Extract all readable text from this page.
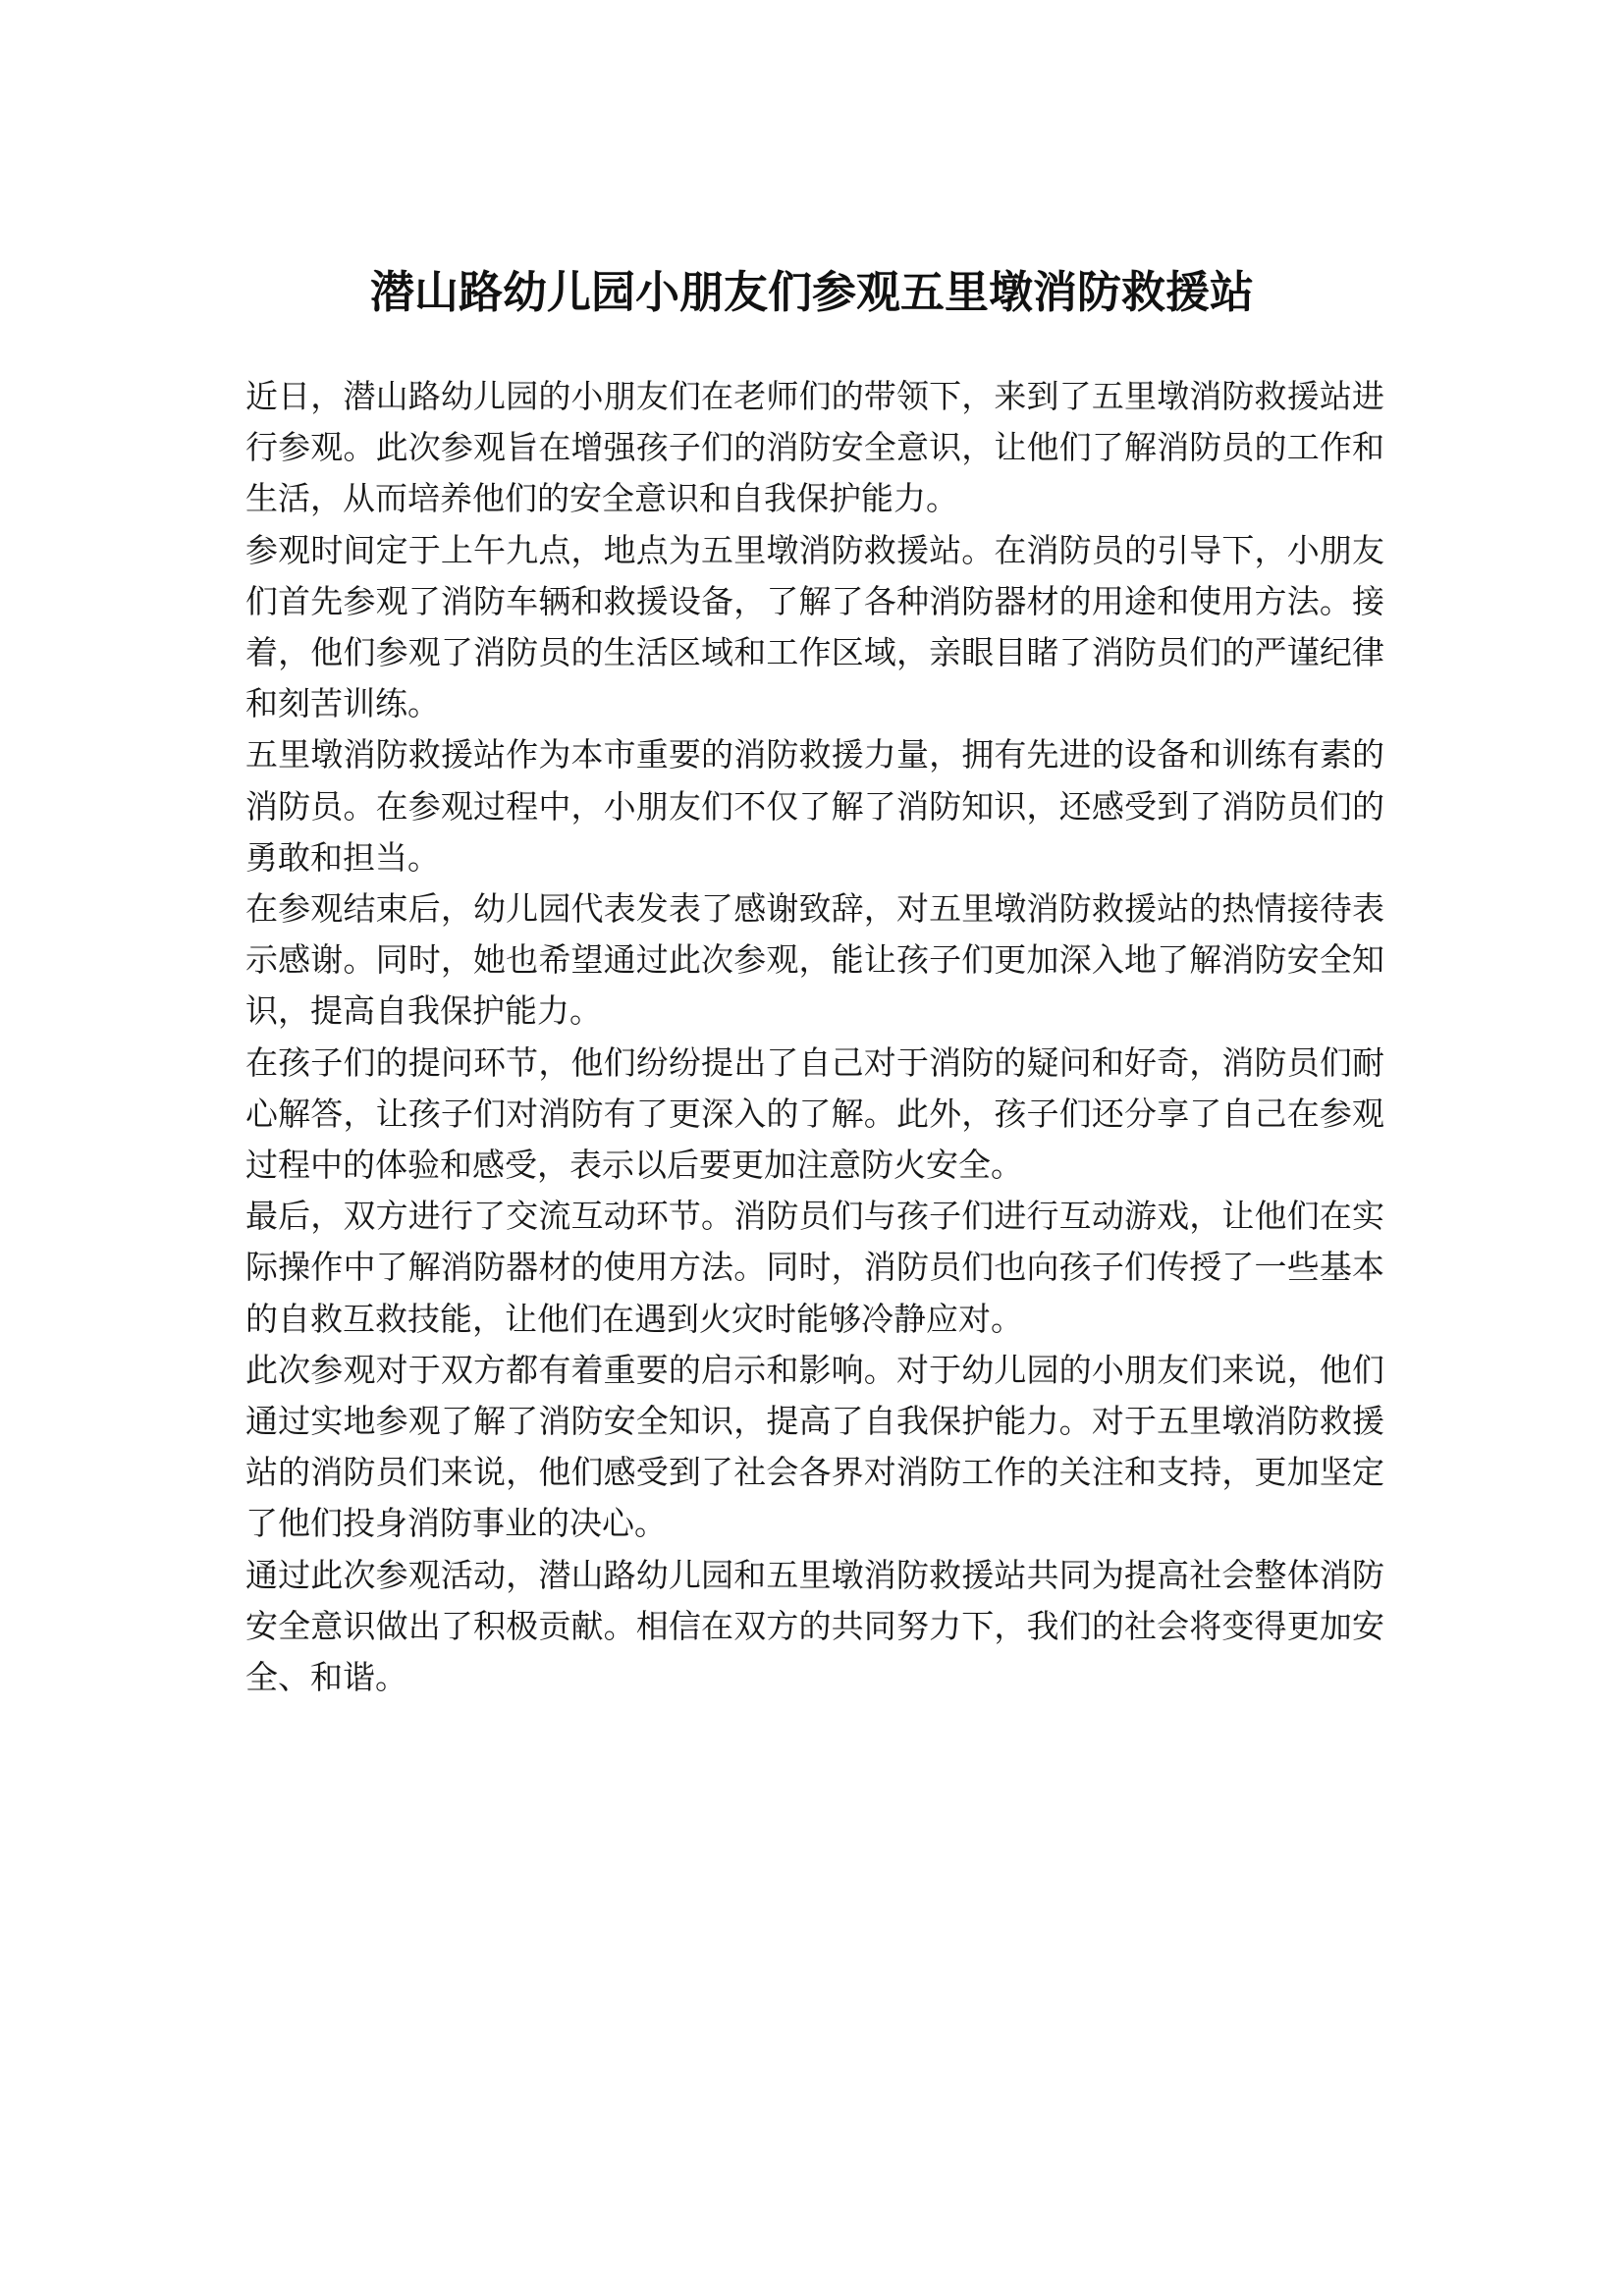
潜山路幼儿园小朋友们参观五里墩消防救援站

近日，潜山路幼儿园的小朋友们在老师们的带领下，来到了五里墩消防救援站进行参观。此次参观旨在增强孩子们的消防安全意识，让他们了解消防员的工作和生活，从而培养他们的安全意识和自我保护能力。

参观时间定于上午九点，地点为五里墩消防救援站。在消防员的引导下，小朋友们首先参观了消防车辆和救援设备，了解了各种消防器材的用途和使用方法。接着，他们参观了消防员的生活区域和工作区域，亲眼目睹了消防员们的严谨纪律和刻苦训练。

五里墩消防救援站作为本市重要的消防救援力量，拥有先进的设备和训练有素的消防员。在参观过程中，小朋友们不仅了解了消防知识，还感受到了消防员们的勇敢和担当。

在参观结束后，幼儿园代表发表了感谢致辞，对五里墩消防救援站的热情接待表示感谢。同时，她也希望通过此次参观，能让孩子们更加深入地了解消防安全知识，提高自我保护能力。

在孩子们的提问环节，他们纷纷提出了自己对于消防的疑问和好奇，消防员们耐心解答，让孩子们对消防有了更深入的了解。此外，孩子们还分享了自己在参观过程中的体验和感受，表示以后要更加注意防火安全。

最后，双方进行了交流互动环节。消防员们与孩子们进行互动游戏，让他们在实际操作中了解消防器材的使用方法。同时，消防员们也向孩子们传授了一些基本的自救互救技能，让他们在遇到火灾时能够冷静应对。

此次参观对于双方都有着重要的启示和影响。对于幼儿园的小朋友们来说，他们通过实地参观了解了消防安全知识，提高了自我保护能力。对于五里墩消防救援站的消防员们来说，他们感受到了社会各界对消防工作的关注和支持，更加坚定了他们投身消防事业的决心。

通过此次参观活动，潜山路幼儿园和五里墩消防救援站共同为提高社会整体消防安全意识做出了积极贡献。相信在双方的共同努力下，我们的社会将变得更加安全、和谐。
